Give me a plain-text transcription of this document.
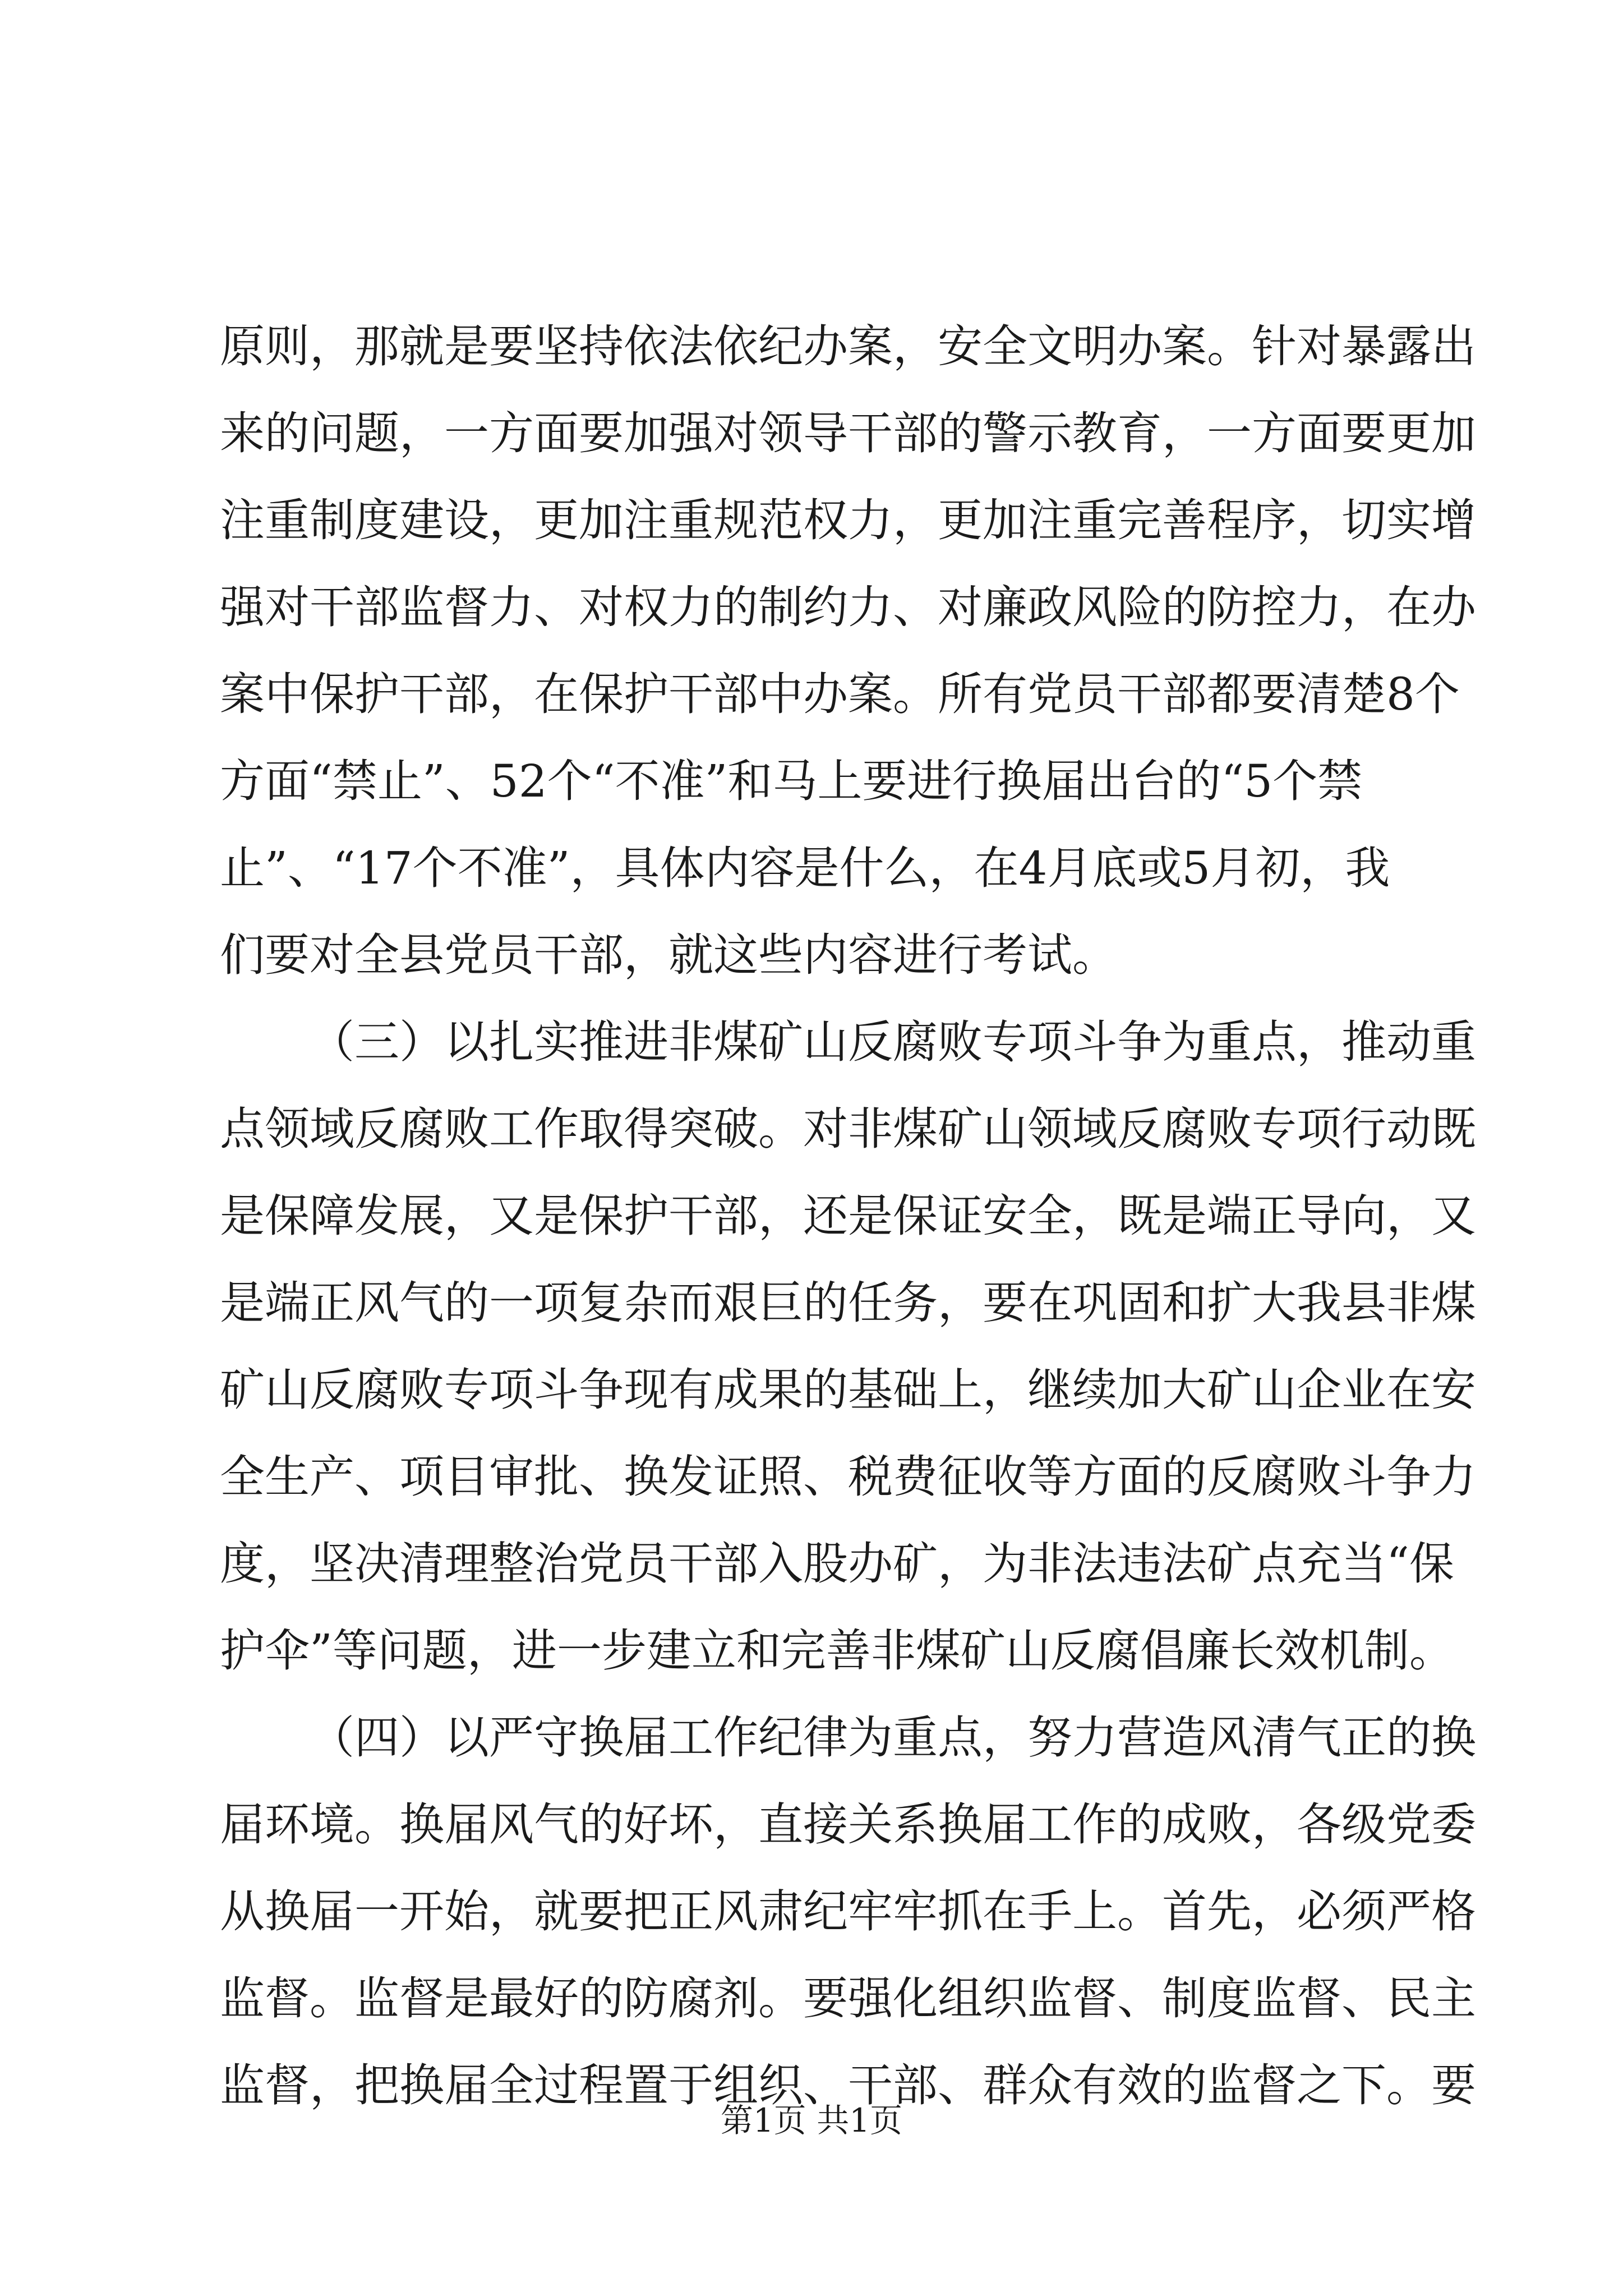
原则，那就是要坚持依法依纪办案，安全文明办案。针对暴露出
来的问题，一方面要加强对领导干部的警示教育，一方面要更加
注重制度建设，更加注重规范权力，更加注重完善程序，切实增
强对干部监督力、对权力的制约力、对廉政风险的防控力，在办
案中保护干部，在保护干部中办案。所有党员干部都要清楚8个
方面“禁止”、52个“不准”和马上要进行换届出台的“5个禁
止”、“17个不准”，具体内容是什么，在4月底或5月初，我
们要对全县党员干部，就这些内容进行考试。
（三）以扎实推进非煤矿山反腐败专项斗争为重点，推动重
点领域反腐败工作取得突破。对非煤矿山领域反腐败专项行动既
是保障发展，又是保护干部，还是保证安全，既是端正导向，又
是端正风气的一项复杂而艰巨的任务，要在巩固和扩大我县非煤
矿山反腐败专项斗争现有成果的基础上，继续加大矿山企业在安
全生产、项目审批、换发证照、税费征收等方面的反腐败斗争力
度，坚决清理整治党员干部入股办矿，为非法违法矿点充当“保
护伞”等问题，进一步建立和完善非煤矿山反腐倡廉长效机制。
（四）以严守换届工作纪律为重点，努力营造风清气正的换
届环境。换届风气的好坏，直接关系换届工作的成败，各级党委
从换届一开始，就要把正风肃纪牢牢抓在手上。首先，必须严格
监督。监督是最好的防腐剂。要强化组织监督、制度监督、民主
监督，把换届全过程置于组织、干部、群众有效的监督之下。要
第1页 共1页
